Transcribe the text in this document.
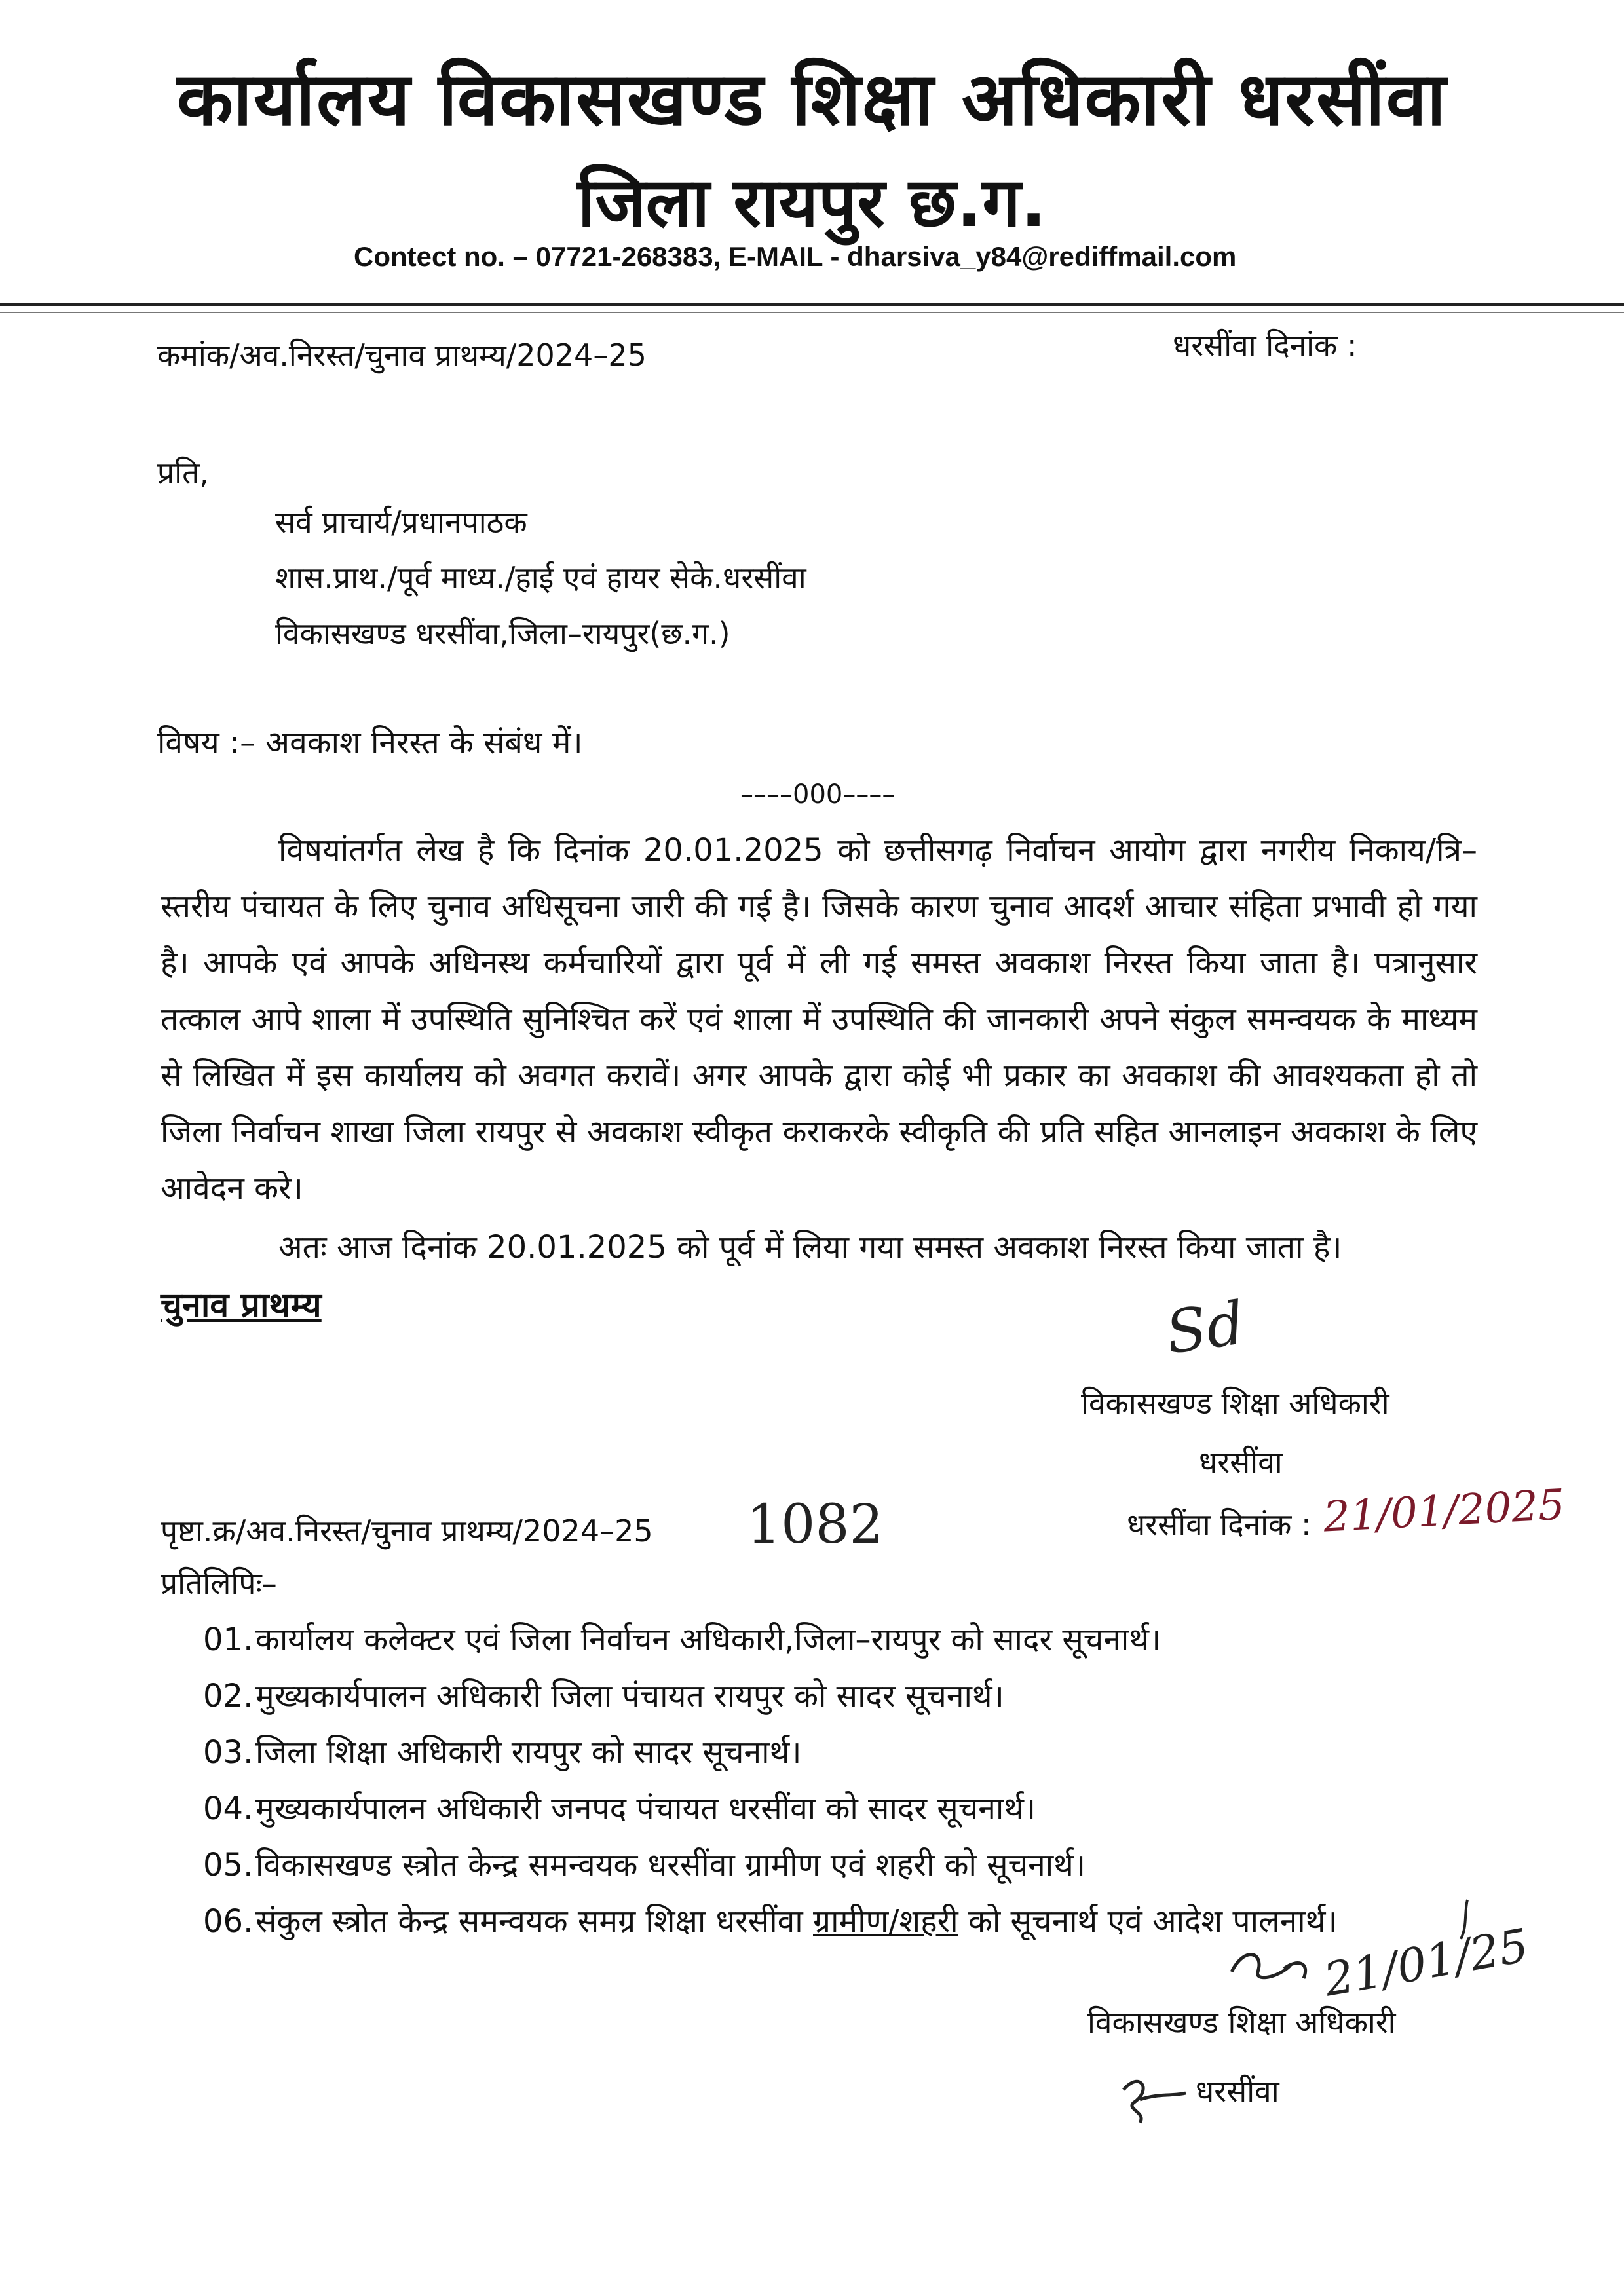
कार्यालय विकासखण्ड शिक्षा अधिकारी धरसींवा
जिला रायपुर छ.ग.
Contect no. – 07721-268383, E-MAIL - dharsiva_y84@rediffmail.com
कमांक/अव.निरस्त/चुनाव प्राथम्य/2024–25	धरसींवा दिनांक :
प्रति,
सर्व प्राचार्य/प्रधानपाठक
शास.प्राथ./पूर्व माध्य./हाई एवं हायर सेके.धरसींवा
विकासखण्ड धरसींवा,जिला–रायपुर(छ.ग.)
विषय :– अवकाश निरस्त के संबंध में।
––––000––––

विषयांतर्गत लेख है कि दिनांक 20.01.2025 को छत्तीसगढ़ निर्वाचन आयोग द्वारा नगरीय निकाय/त्रि–स्तरीय पंचायत के लिए चुनाव अधिसूचना जारी की गई है। जिसके कारण चुनाव आदर्श आचार संहिता प्रभावी हो गया है। आपके एवं आपके अधिनस्थ कर्मचारियों द्वारा पूर्व में ली गई समस्त अवकाश निरस्त किया जाता है। पत्रानुसार तत्काल आपे शाला में उपस्थिति सुनिश्चित करें एवं शाला में उपस्थिति की जानकारी अपने संकुल समन्वयक के माध्यम से लिखित में इस कार्यालय को अवगत करावें। अगर आपके द्वारा कोई भी प्रकार का अवकाश की आवश्यकता हो तो जिला निर्वाचन शाखा जिला रायपुर से अवकाश स्वीकृत कराकरके स्वीकृति की प्रति सहित आनलाइन अवकाश के लिए आवेदन करे।

अतः आज दिनांक 20.01.2025 को पूर्व में लिया गया समस्त अवकाश निरस्त किया जाता है।

चुनाव प्राथम्य	Sd
विकासखण्ड शिक्षा अधिकारी
धरसींवा
पृष्टा.क्र/अव.निरस्त/चुनाव प्राथम्य/2024–25 1082	धरसींवा दिनांक : 21/01/2025
प्रतिलिपिः–
01.कार्यालय कलेक्टर एवं जिला निर्वाचन अधिकारी,जिला–रायपुर को सादर सूचनार्थ।
02.मुख्यकार्यपालन अधिकारी जिला पंचायत रायपुर को सादर सूचनार्थ।
03.जिला शिक्षा अधिकारी रायपुर को सादर सूचनार्थ।
04.मुख्यकार्यपालन अधिकारी जनपद पंचायत धरसींवा को सादर सूचनार्थ।
05.विकासखण्ड स्त्रोत केन्द्र समन्वयक धरसींवा ग्रामीण एवं शहरी को सूचनार्थ।
06.संकुल स्त्रोत केन्द्र समन्वयक समग्र शिक्षा धरसींवा ग्रामीण/शहरी को सूचनार्थ एवं आदेश पालनार्थ।
21/01/25
विकासखण्ड शिक्षा अधिकारी
धरसींवा
